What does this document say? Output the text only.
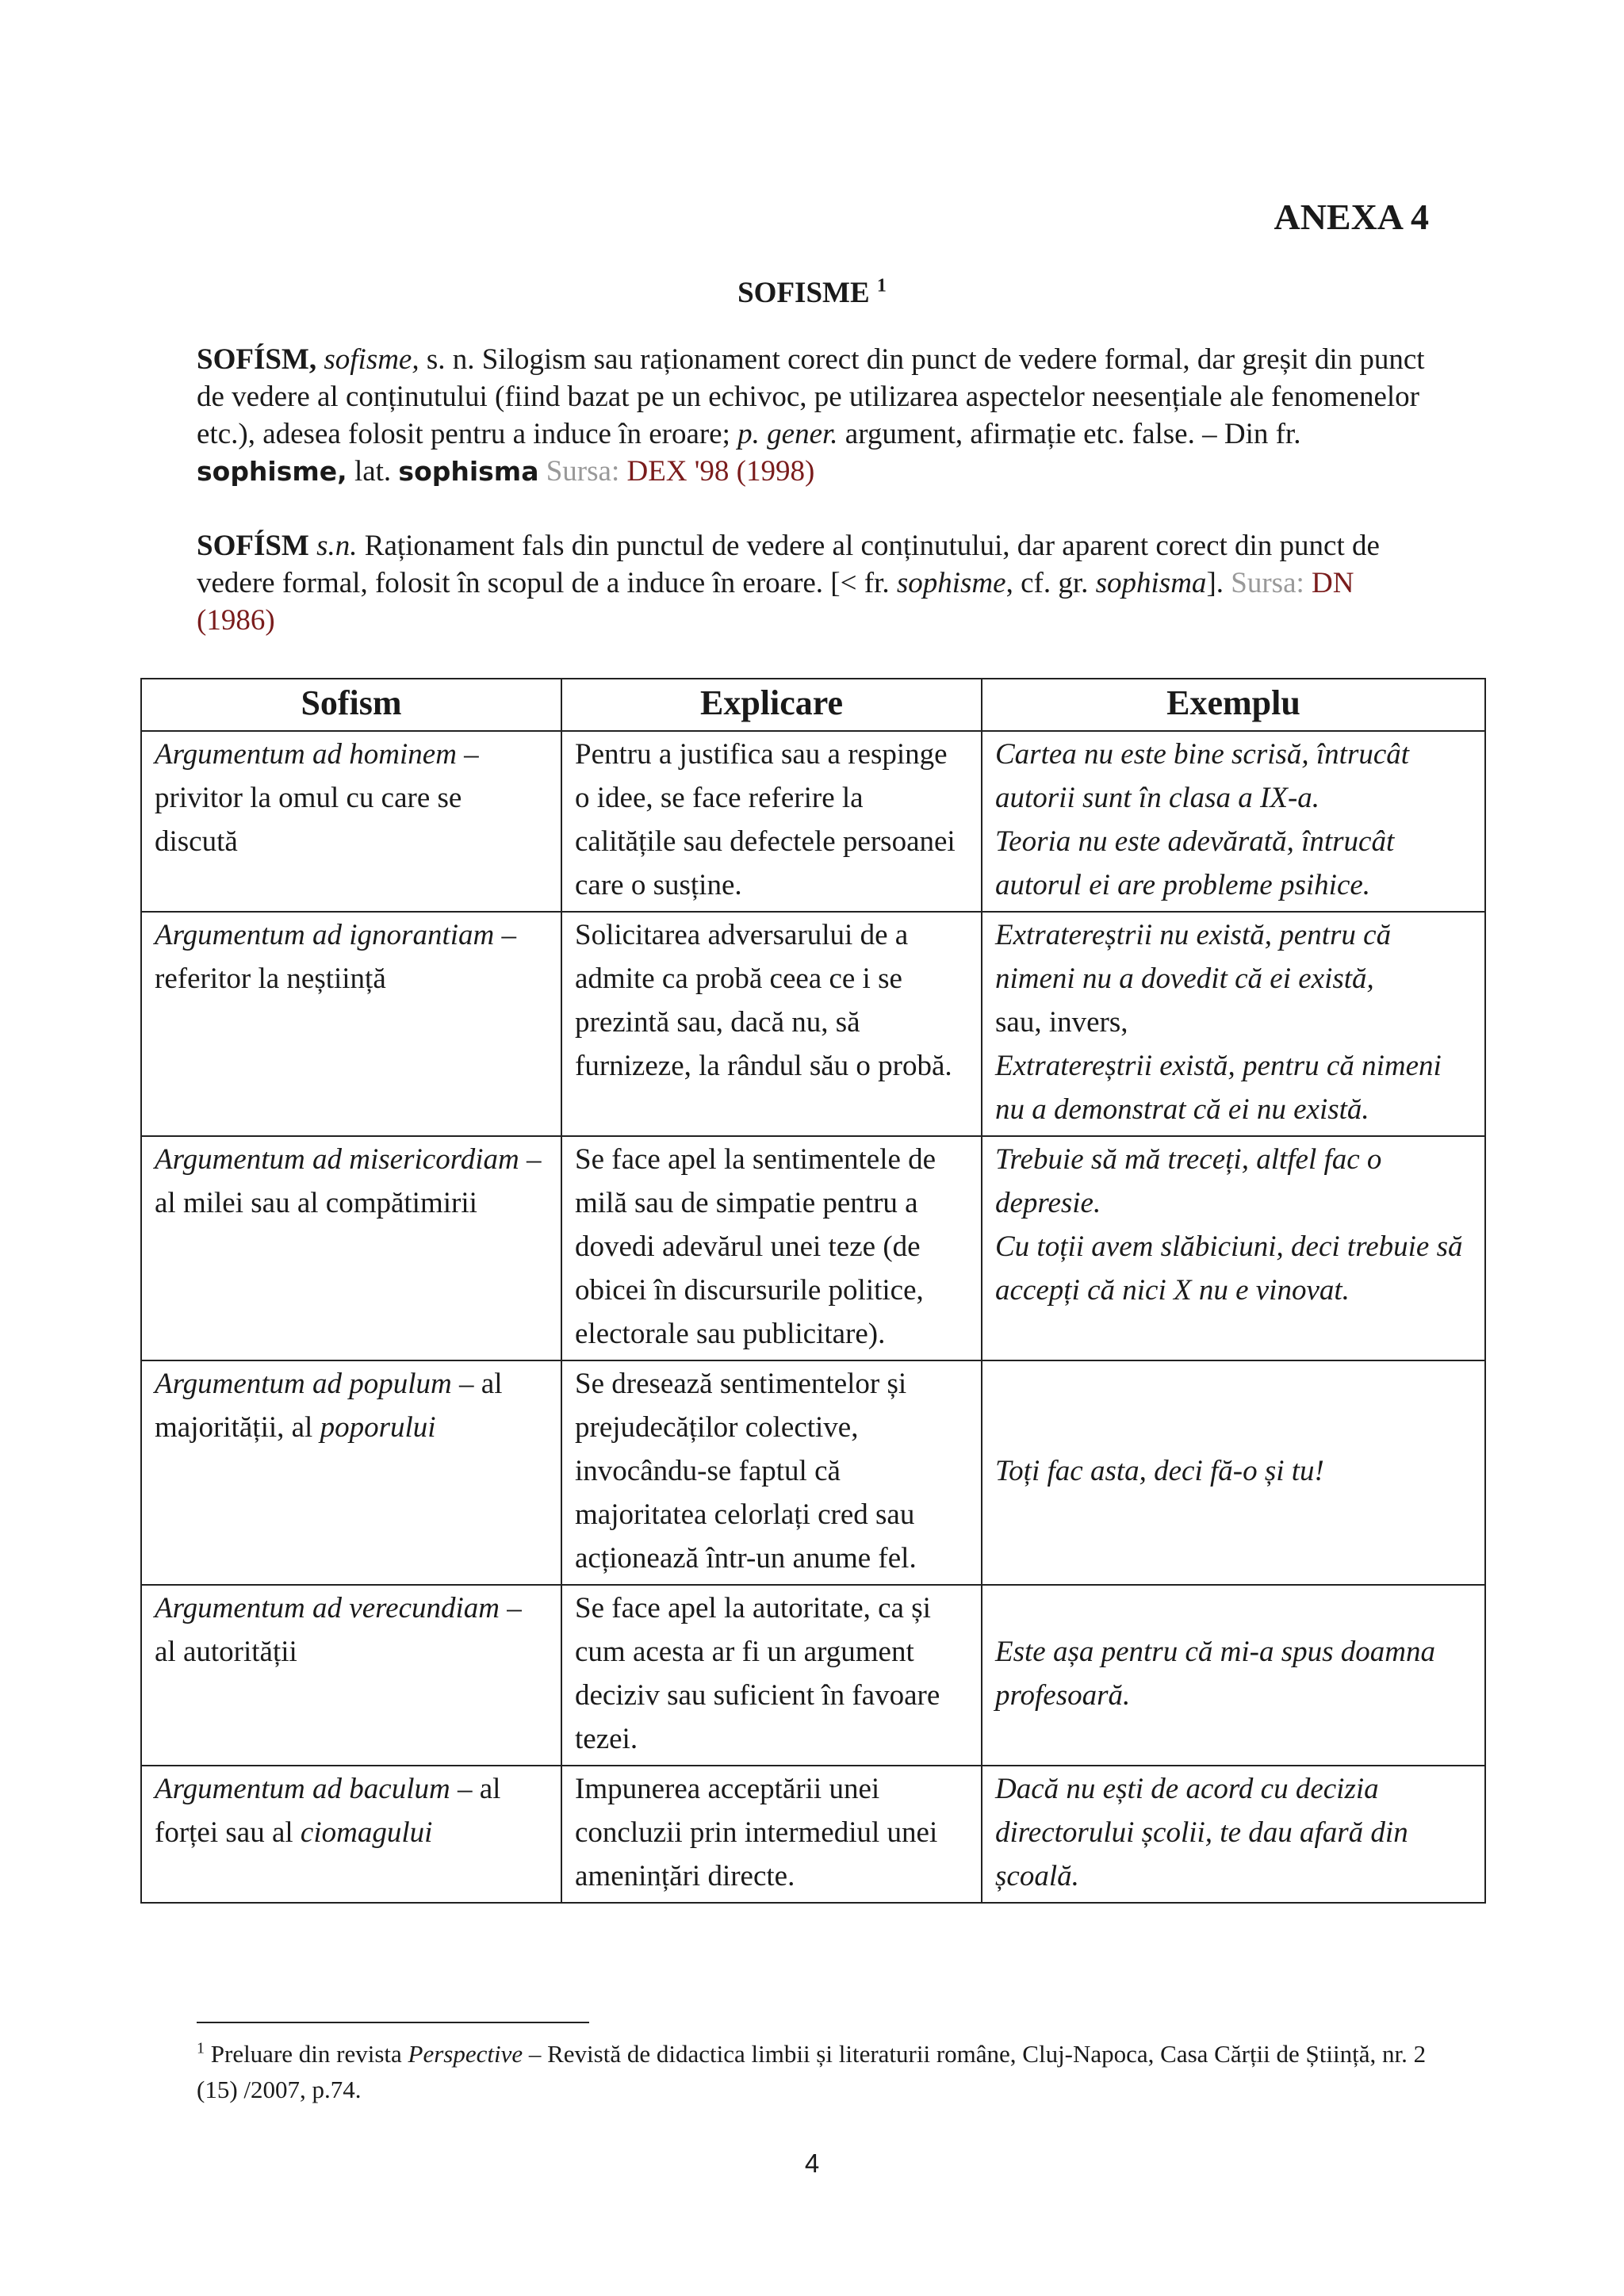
ANEXA 4
SOFISME $^1$
SOFÍSM, sofisme, s. n. Silogism sau raționament corect din punct de vedere formal, dar greșit din punct de vedere al conținutului (fiind bazat pe un echivoc, pe utilizarea aspectelor neesențiale ale fenomenelor etc.), adesea folosit pentru a induce în eroare; p. gener. argument, afirmație etc. false. – Din fr. sophisme, lat. sophisma Sursa: DEX '98 (1998)
SOFÍSM s.n. Raționament fals din punctul de vedere al conținutului, dar aparent corect din punct de vedere formal, folosit în scopul de a induce în eroare. [< fr. sophisme, cf. gr. sophisma]. Sursa: DN (1986)
Sofism	Explicare	Exemplu
Argumentum ad hominem – privitor la omul cu care se discută	Pentru a justifica sau a respinge o idee, se face referire la calitățile sau defectele persoanei care o susține.	Cartea nu este bine scrisă, întrucât autorii sunt în clasa a IX-a.
Teoria nu este adevărată, întrucât autorul ei are probleme psihice.

Argumentum ad ignorantiam – referitor la neștiință	Solicitarea adversarului de a admite ca probă ceea ce i se prezintă sau, dacă nu, să furnizeze, la rândul său o probă.	Extratereștrii nu există, pentru că nimeni nu a dovedit că ei există,
sau, invers,
Extratereștrii există, pentru că nimeni nu a demonstrat că ei nu există.

Argumentum ad misericordiam – al milei sau al compătimirii	Se face apel la sentimentele de milă sau de simpatie pentru a dovedi adevărul unei teze (de obicei în discursurile politice, electorale sau publicitare).	Trebuie să mă treceți, altfel fac o depresie.
Cu toții avem slăbiciuni, deci trebuie să accepți că nici X nu e vinovat.

Argumentum ad populum – al majorității, al poporului	Se dresează sentimentelor și prejudecăților colective, invocându-se faptul că majoritatea celorlați cred sau acționează într-un anume fel.	Toți fac asta, deci fă-o și tu!

Argumentum ad verecundiam – al autorității	Se face apel la autoritate, ca și cum acesta ar fi un argument deciziv sau suficient în favoare tezei.	Este așa pentru că mi-a spus doamna profesoară.

Argumentum ad baculum – al forței sau al ciomagului	Impunerea acceptării unei concluzii prin intermediul unei amenințări directe.	Dacă nu ești de acord cu decizia directorului școlii, te dau afară din școală.
$^1$ Preluare din revista Perspective – Revistă de didactica limbii și literaturii române, Cluj-Napoca, Casa Cărții de Știință, nr. 2 (15) /2007, p.74.
4
